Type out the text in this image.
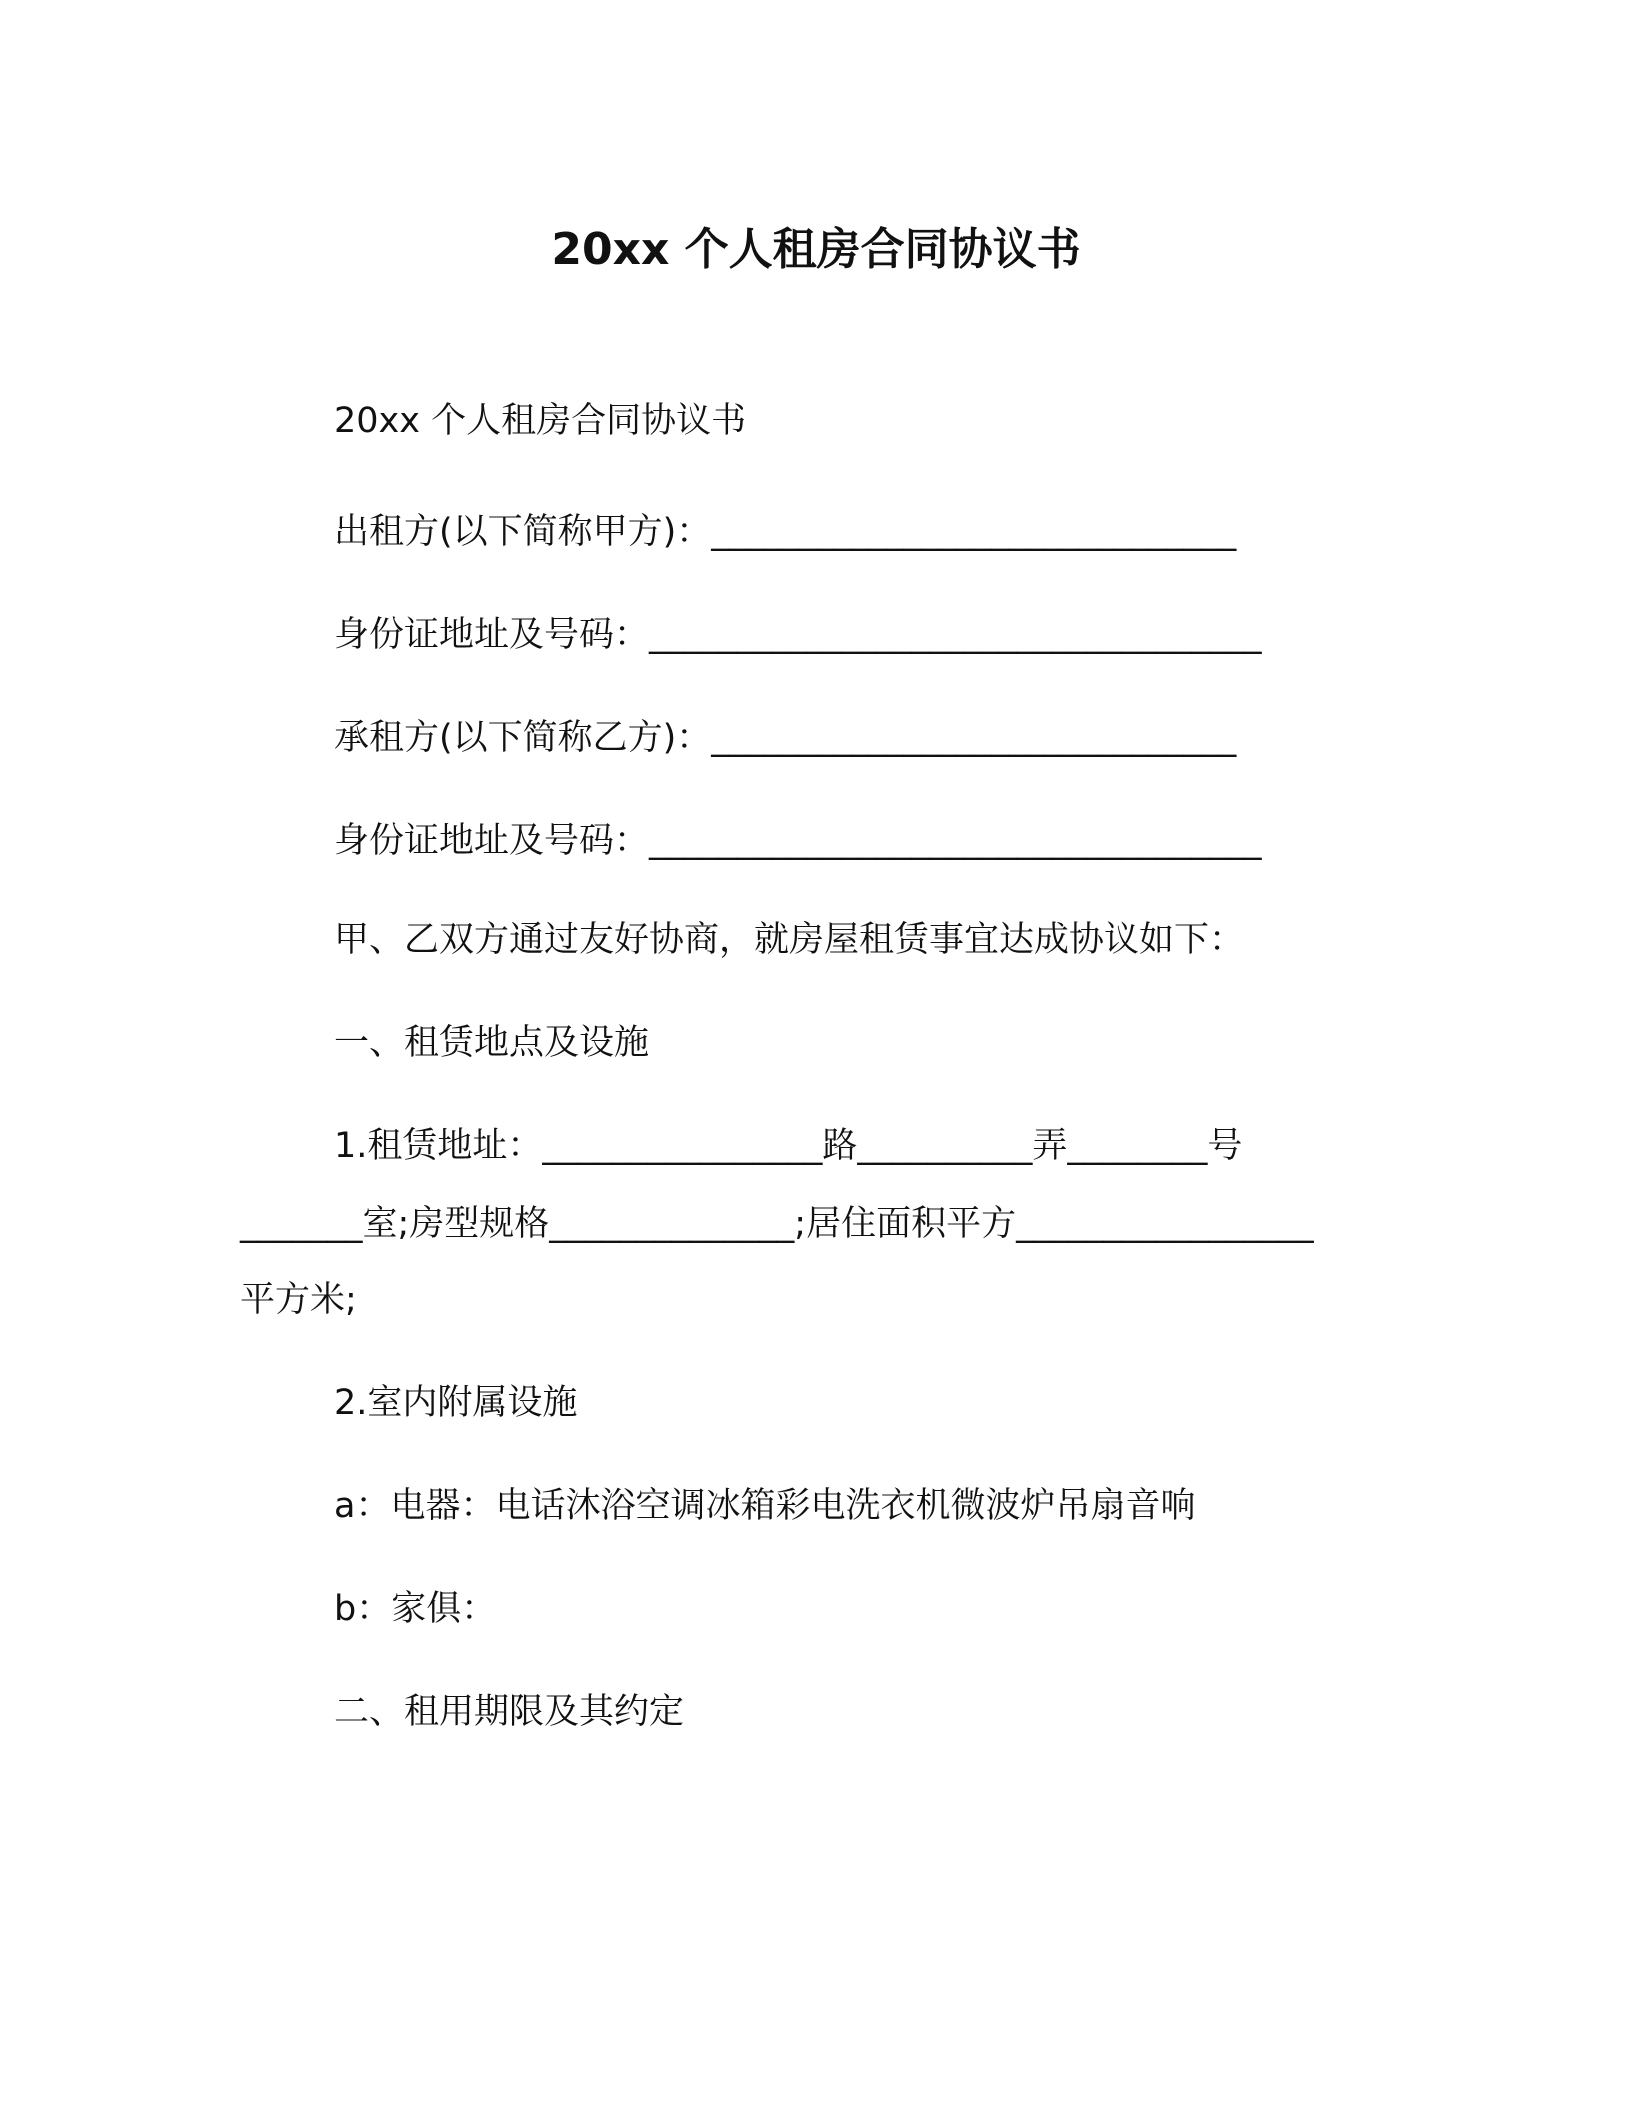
20xx 个人租房合同协议书

20xx 个人租房合同协议书

出租方(以下简称甲方)：______________________________

身份证地址及号码：___________________________________

承租方(以下简称乙方)：______________________________

身份证地址及号码：___________________________________

甲、乙双方通过友好协商，就房屋租赁事宜达成协议如下：

一、租赁地点及设施

1.租赁地址：________________路__________弄________号

_______室;房型规格______________;居住面积平方_________________

平方米;

2.室内附属设施

a：电器：电话沐浴空调冰箱彩电洗衣机微波炉吊扇音响

b：家俱：

二、租用期限及其约定
